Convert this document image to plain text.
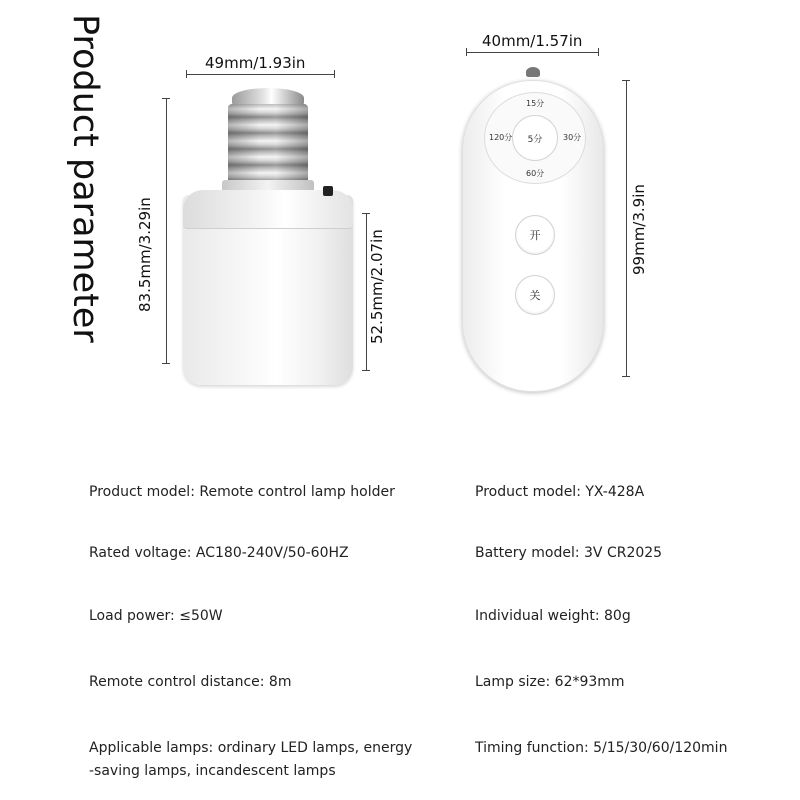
Product parameter	49mm/1.93in
83.5mm/3.29in	52.5mm/2.07in
40mm/1.57in
99mm/3.9in
15分
120分	30分
60分
5分
开
关
Product model: Remote control lamp holder
Rated voltage: AC180-240V/50-60HZ
Load power: ≤50W
Remote control distance: 8m
Applicable lamps: ordinary LED lamps, energy
-saving lamps, incandescent lamps
Product model: YX-428A
Battery model: 3V CR2025
Individual weight: 80g
Lamp size: 62*93mm
Timing function: 5/15/30/60/120min
